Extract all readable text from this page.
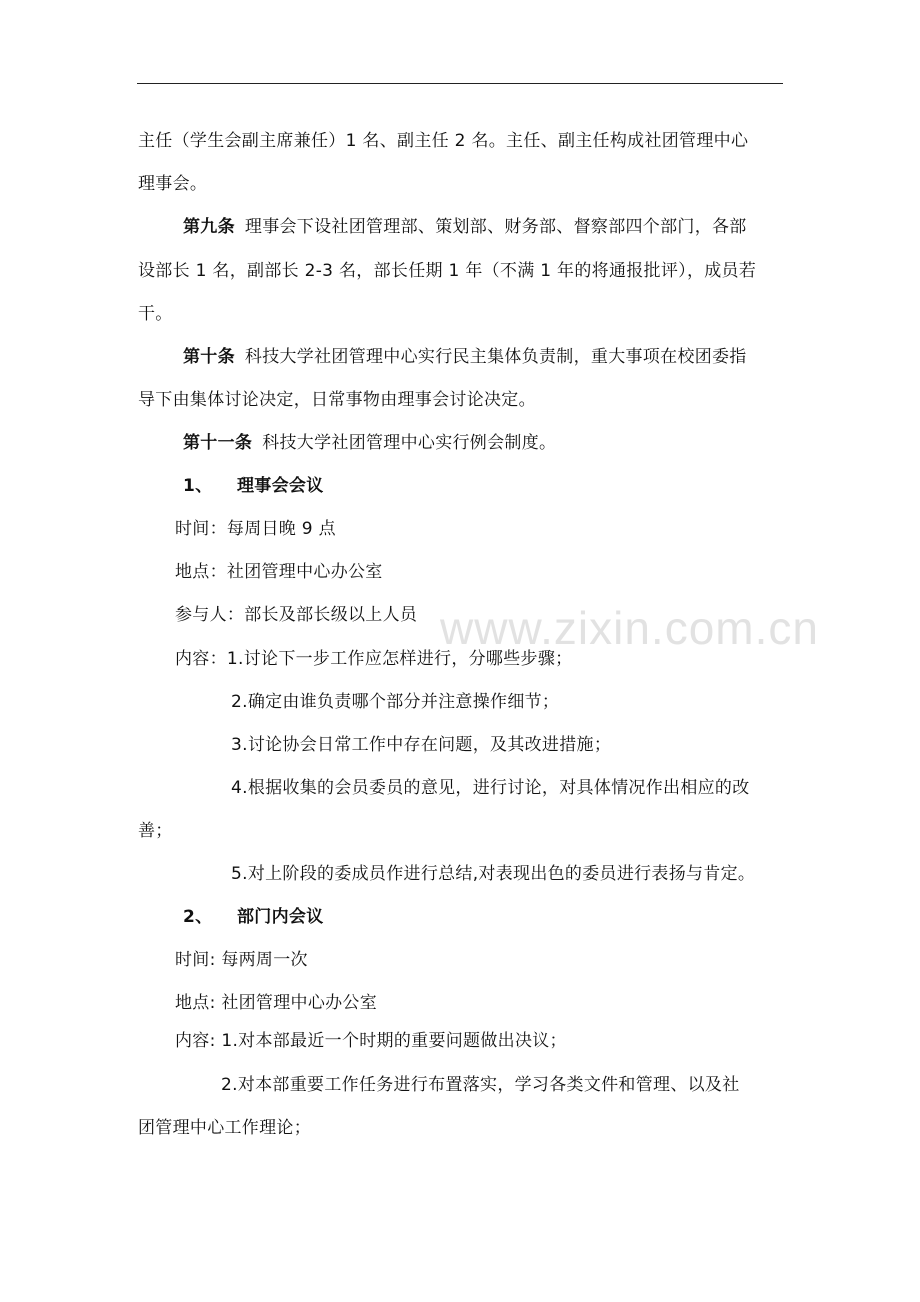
www.zixin.com.cn

主任（学生会副主席兼任）1 名、副主任 2 名。主任、副主任构成社团管理中心

理事会。

第九条 理事会下设社团管理部、策划部、财务部、督察部四个部门，各部

设部长 1 名，副部长 2-3 名，部长任期 1 年（不满 1 年的将通报批评），成员若

干。

第十条 科技大学社团管理中心实行民主集体负责制，重大事项在校团委指

导下由集体讨论决定，日常事物由理事会讨论决定。

第十一条 科技大学社团管理中心实行例会制度。

1、 理事会会议

时间：每周日晚 9 点

地点：社团管理中心办公室

参与人：部长及部长级以上人员

内容：1.讨论下一步工作应怎样进行，分哪些步骤；

2.确定由谁负责哪个部分并注意操作细节；

3.讨论协会日常工作中存在问题，及其改进措施；

4.根据收集的会员委员的意见，进行讨论，对具体情况作出相应的改

善；

5.对上阶段的委成员作进行总结,对表现出色的委员进行表扬与肯定。

2、 部门内会议

时间: 每两周一次

地点: 社团管理中心办公室

内容: 1.对本部最近一个时期的重要问题做出决议；

2.对本部重要工作任务进行布置落实，学习各类文件和管理、以及社

团管理中心工作理论；
